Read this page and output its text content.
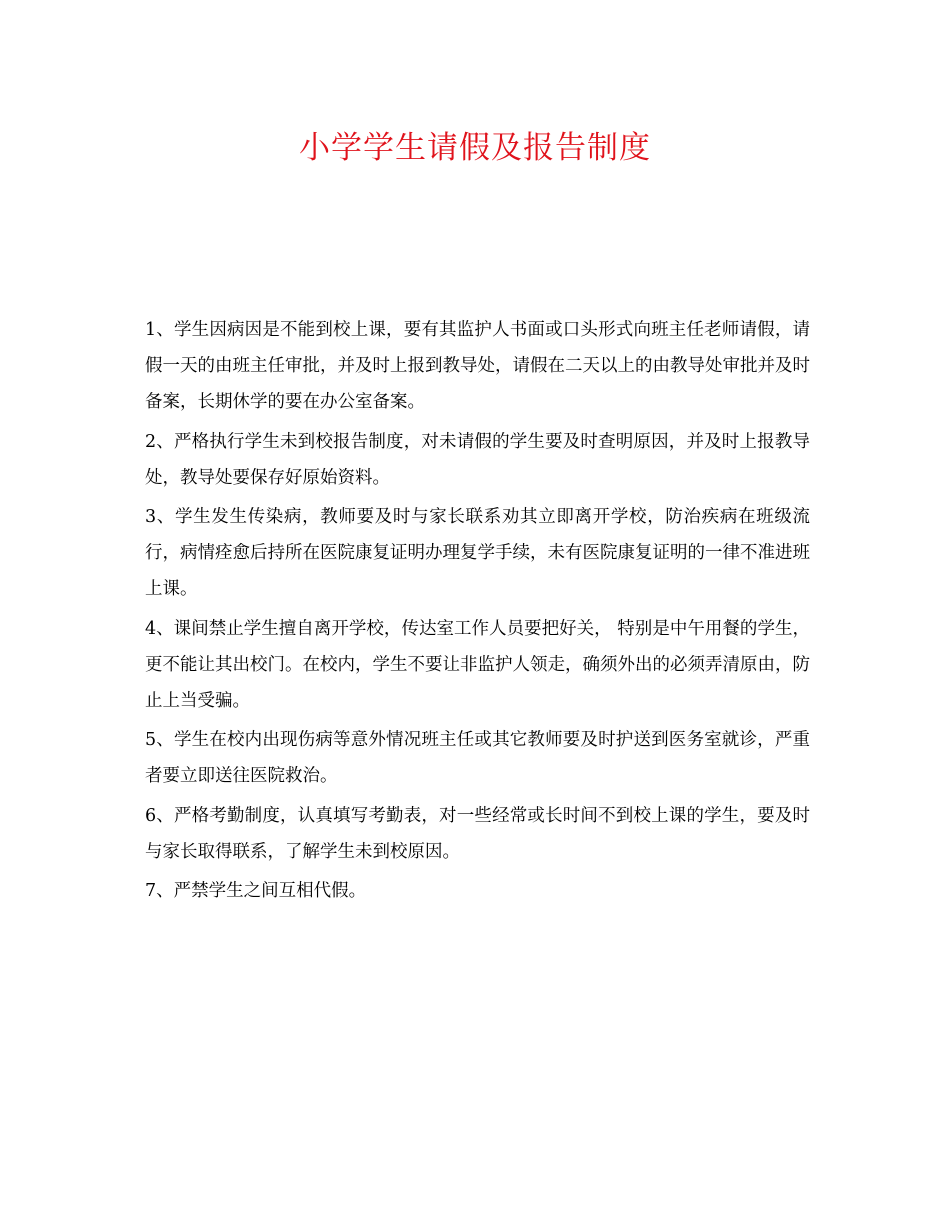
小学学生请假及报告制度
1、学生因病因是不能到校上课，要有其监护人书面或口头形式向班主任老师请假，请假一天的由班主任审批，并及时上报到教导处，请假在二天以上的由教导处审批并及时备案，长期休学的要在办公室备案。
2、严格执行学生未到校报告制度，对未请假的学生要及时查明原因，并及时上报教导处，教导处要保存好原始资料。
3、学生发生传染病，教师要及时与家长联系劝其立即离开学校，防治疾病在班级流行，病情痊愈后持所在医院康复证明办理复学手续，未有医院康复证明的一律不准进班上课。
4、课间禁止学生擅自离开学校，传达室工作人员要把好关， 特别是中午用餐的学生，更不能让其出校门。在校内，学生不要让非监护人领走，确须外出的必须弄清原由，防止上当受骗。
5、学生在校内出现伤病等意外情况班主任或其它教师要及时护送到医务室就诊，严重者要立即送往医院救治。
6、严格考勤制度，认真填写考勤表，对一些经常或长时间不到校上课的学生，要及时与家长取得联系，了解学生未到校原因。
7、严禁学生之间互相代假。
